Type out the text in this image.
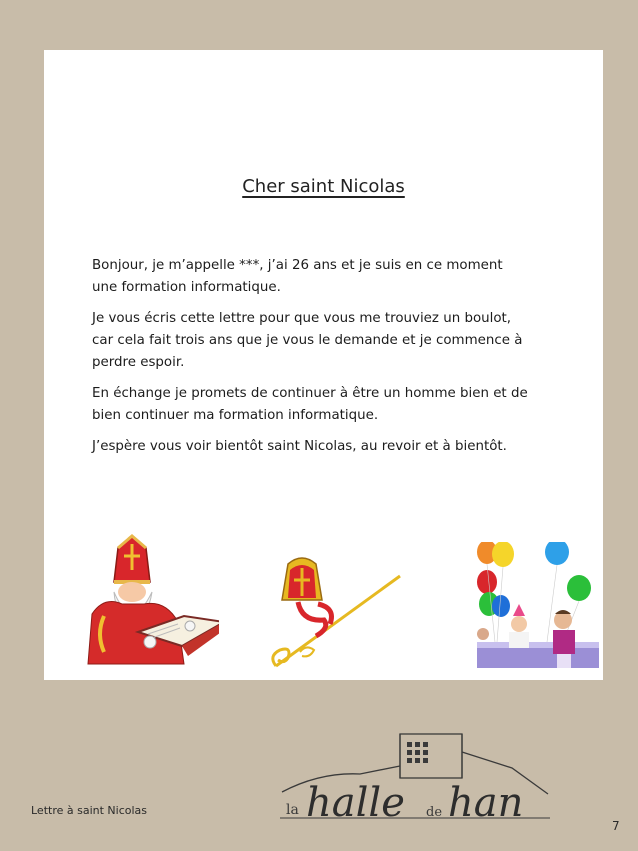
Cher saint Nicolas

Bonjour, je m’appelle ***, j’ai 26 ans et je suis en ce moment une formation informatique.

Je vous écris cette lettre pour que vous me trouviez un boulot, car cela fait trois ans que je vous le demande et je commence à perdre espoir.

En échange je promets de continuer à être un homme bien et de bien continuer ma formation informatique.

J’espère vous voir bientôt saint Nicolas, au revoir et à bientôt.

Lettre à saint Nicolas	la halle de han	7
